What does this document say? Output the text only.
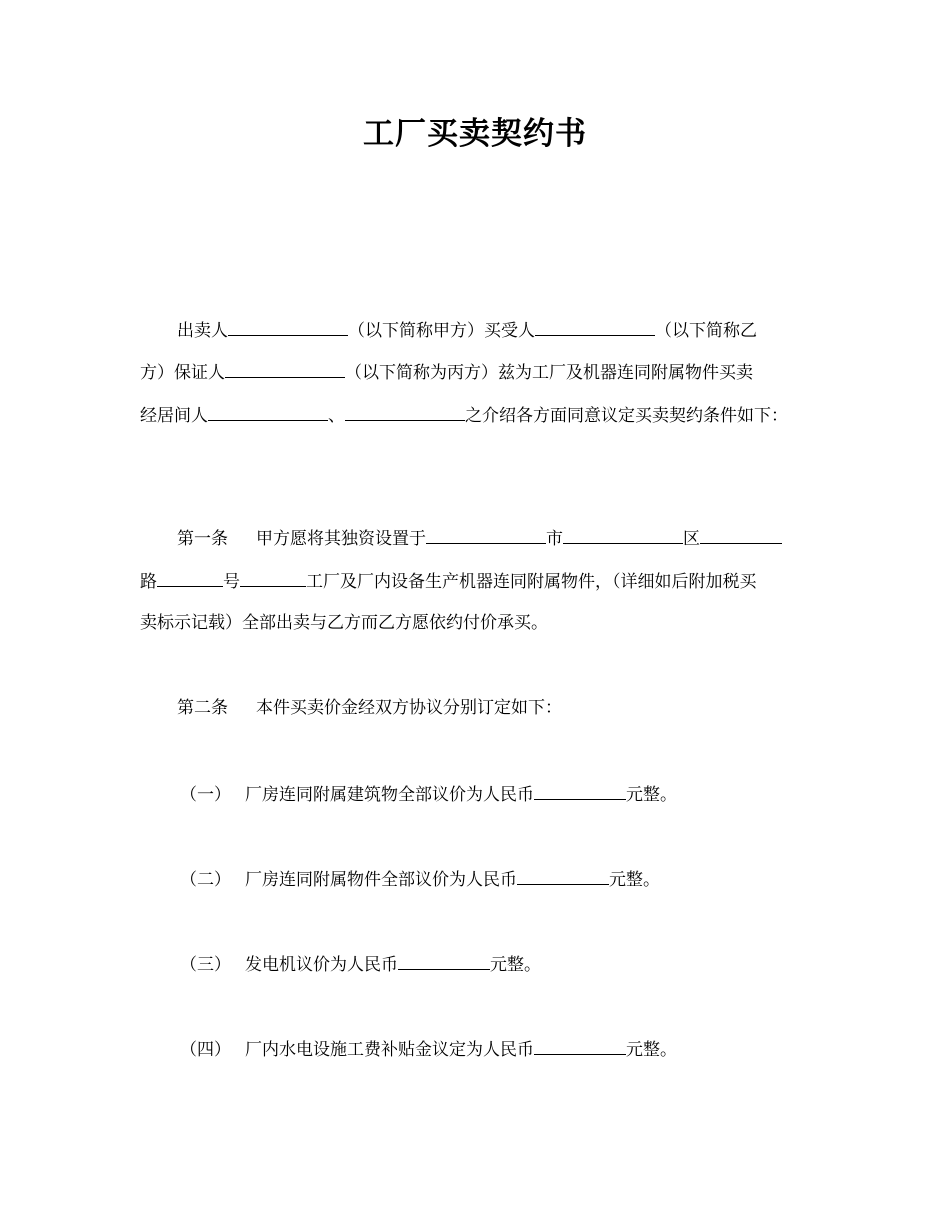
工厂买卖契约书
出卖人	（以下简称甲方）买受人	（以下简称乙
方）保证人	（以下简称为丙方）兹为工厂及机器连同附属物件买卖
经居间人	、	之介绍各方面同意议定买卖契约条件如下：
第一条 甲方愿将其独资设置于	市	区
路	号	工厂及厂内设备生产机器连同附属物件，（详细如后附加税买
卖标示记载）全部出卖与乙方而乙方愿依约付价承买。
第二条 本件买卖价金经双方协议分别订定如下：
（一） 厂房连同附属建筑物全部议价为人民币	元整。
（二） 厂房连同附属物件全部议价为人民币	元整。
（三） 发电机议价为人民币	元整。
（四） 厂内水电设施工费补贴金议定为人民币	元整。
